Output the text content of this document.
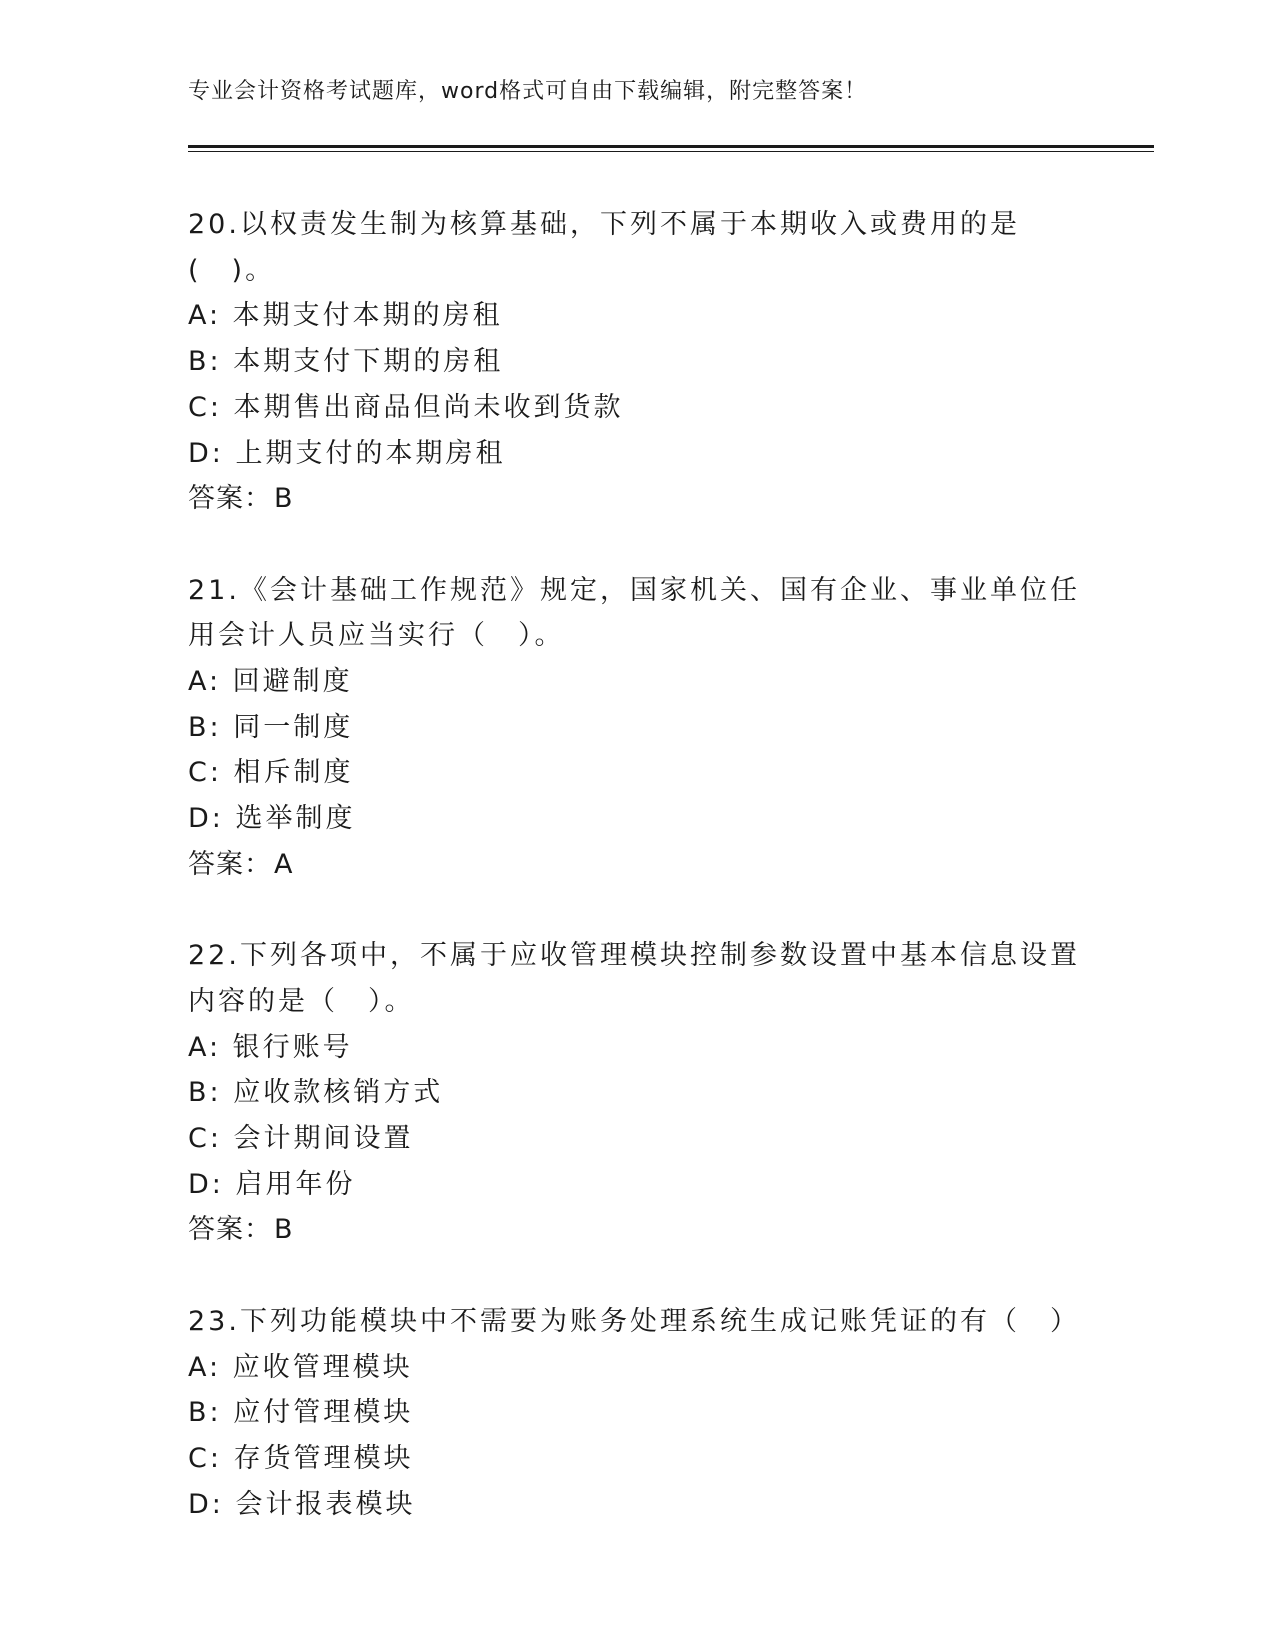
专业会计资格考试题库，word格式可自由下载编辑，附完整答案！
20.以权责发生制为核算基础，下列不属于本期收入或费用的是(　)。
A: 本期支付本期的房租
B: 本期支付下期的房租
C: 本期售出商品但尚未收到货款
D: 上期支付的本期房租
答案：B
21.《会计基础工作规范》规定，国家机关、国有企业、事业单位任用会计人员应当实行（　）。
A: 回避制度
B: 同一制度
C: 相斥制度
D: 选举制度
答案：A
22.下列各项中，不属于应收管理模块控制参数设置中基本信息设置内容的是（　）。
A: 银行账号
B: 应收款核销方式
C: 会计期间设置
D: 启用年份
答案：B
23.下列功能模块中不需要为账务处理系统生成记账凭证的有（　）
A: 应收管理模块
B: 应付管理模块
C: 存货管理模块
D: 会计报表模块
